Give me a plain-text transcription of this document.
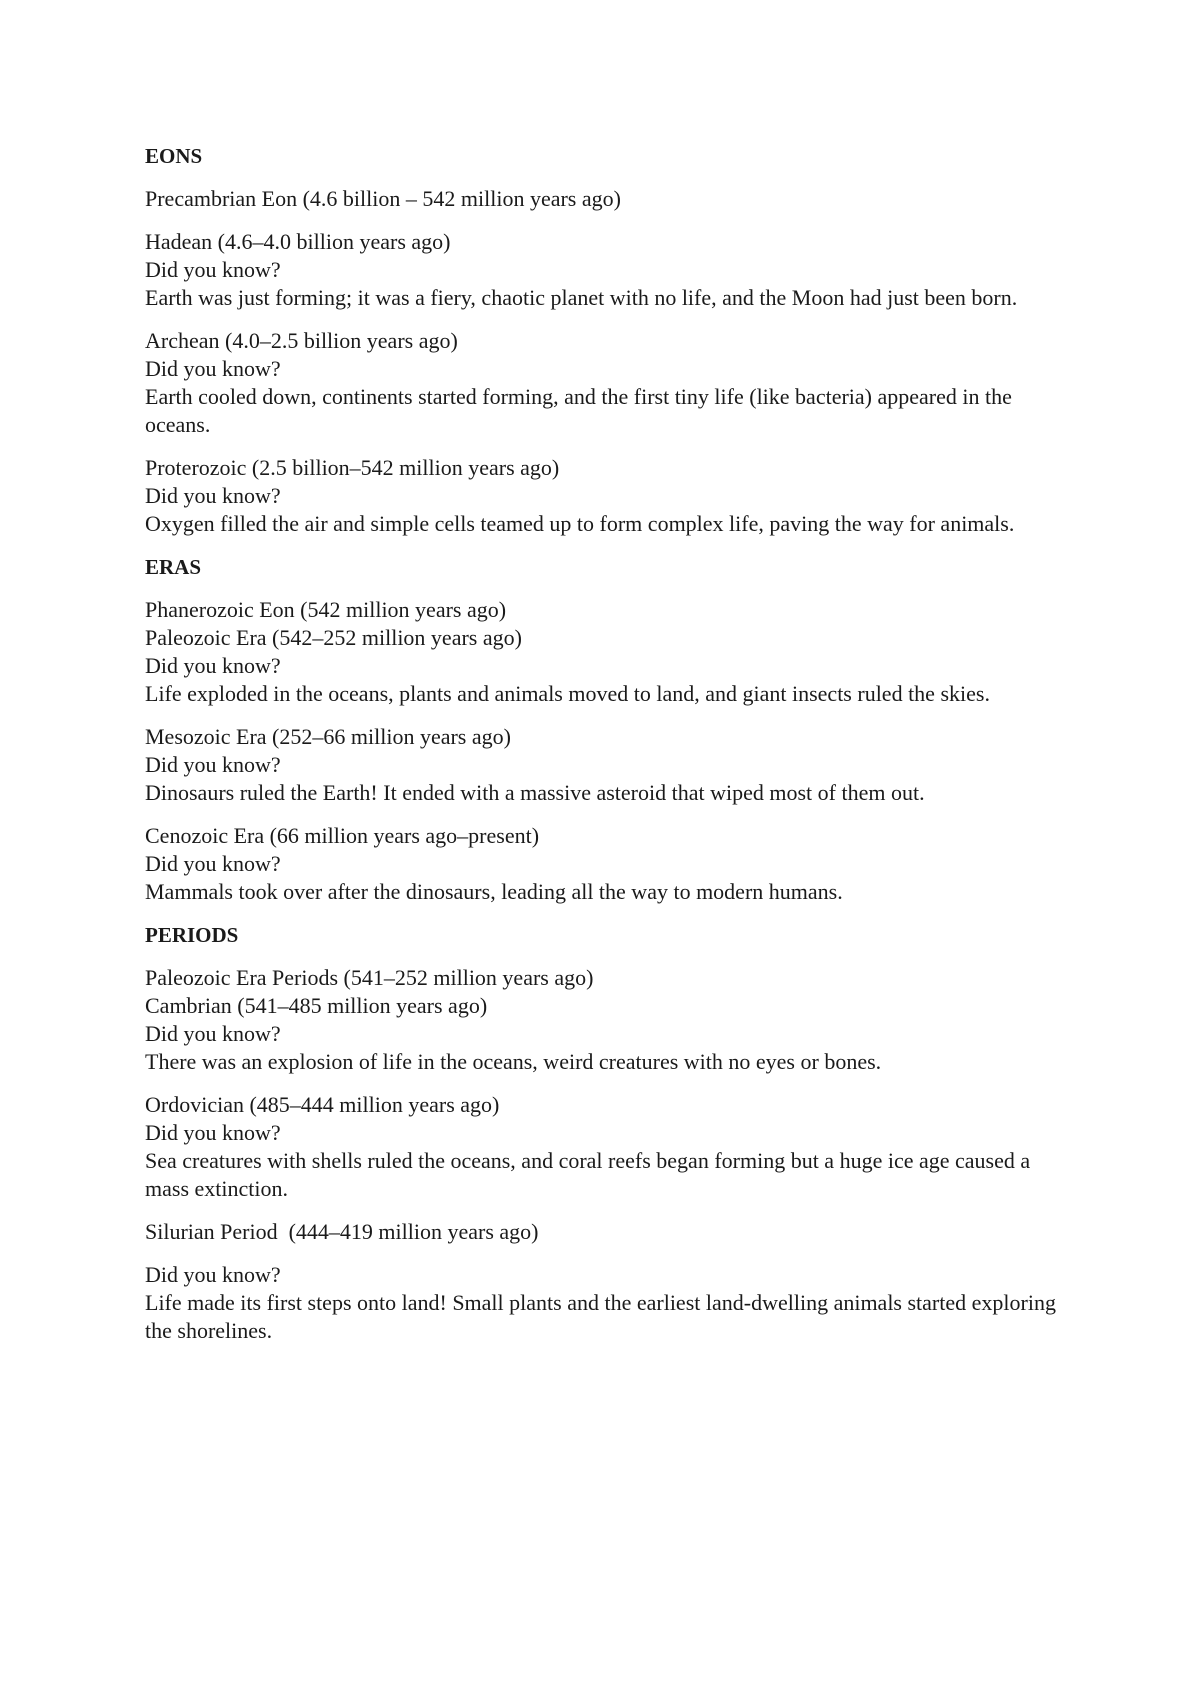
EONS
Precambrian Eon (4.6 billion – 542 million years ago)
Hadean (4.6–4.0 billion years ago)
Did you know?
Earth was just forming; it was a fiery, chaotic planet with no life, and the Moon had just been born.
Archean (4.0–2.5 billion years ago)
Did you know?
Earth cooled down, continents started forming, and the first tiny life (like bacteria) appeared in the oceans.
Proterozoic (2.5 billion–542 million years ago)
Did you know?
Oxygen filled the air and simple cells teamed up to form complex life, paving the way for animals.
ERAS
Phanerozoic Eon (542 million years ago)
Paleozoic Era (542–252 million years ago)
Did you know?
Life exploded in the oceans, plants and animals moved to land, and giant insects ruled the skies.
Mesozoic Era (252–66 million years ago)
Did you know?
Dinosaurs ruled the Earth! It ended with a massive asteroid that wiped most of them out.
Cenozoic Era (66 million years ago–present)
Did you know?
Mammals took over after the dinosaurs, leading all the way to modern humans.
PERIODS
Paleozoic Era Periods (541–252 million years ago)
Cambrian (541–485 million years ago)
Did you know?
There was an explosion of life in the oceans, weird creatures with no eyes or bones.
Ordovician (485–444 million years ago)
Did you know?
Sea creatures with shells ruled the oceans, and coral reefs began forming but a huge ice age caused a mass extinction.
Silurian Period  (444–419 million years ago)
Did you know?
Life made its first steps onto land! Small plants and the earliest land-dwelling animals started exploring the shorelines.
